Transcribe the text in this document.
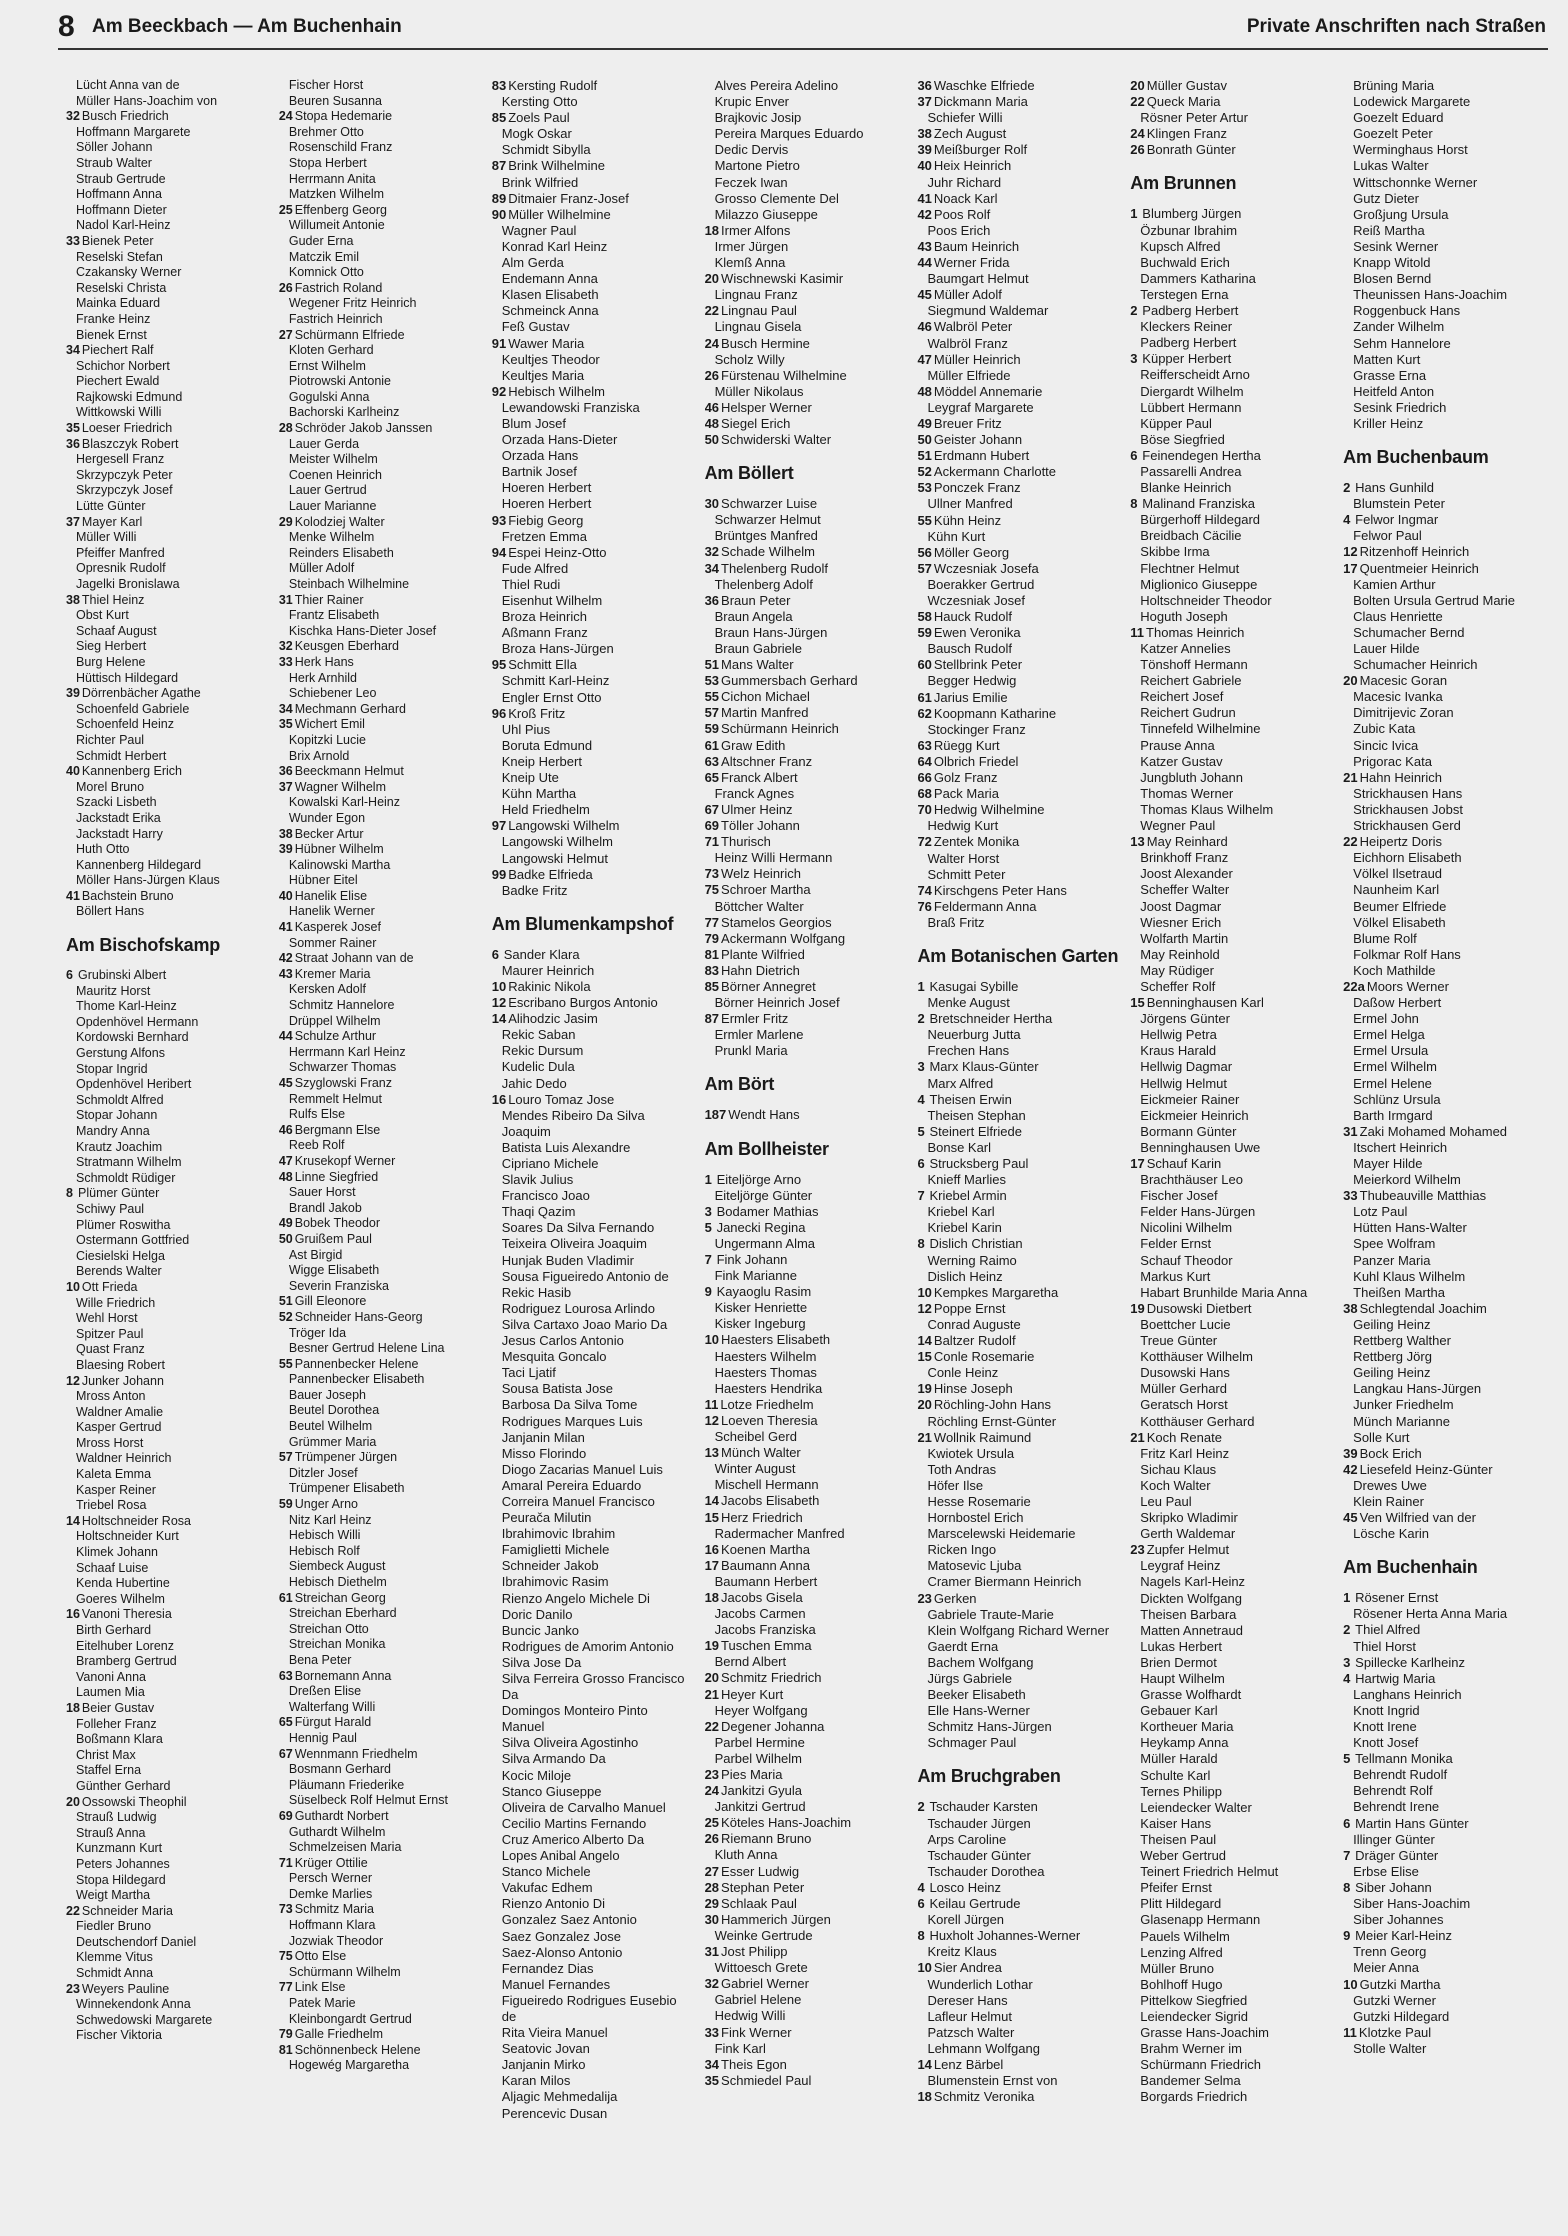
8 Am Beeckbach — Am Buchenhain	Private Anschriften nach Straßen
Lücht Anna van de
Müller Hans-Joachim von
32 Busch Friedrich
Hoffmann Margarete
Söller Johann
Straub Walter
Straub Gertrude
Hoffmann Anna
Hoffmann Dieter
Nadol Karl-Heinz
33 Bienek Peter
Reselski Stefan
Czakansky Werner
Reselski Christa
Mainka Eduard
Franke Heinz
Bienek Ernst
34 Piechert Ralf
Schichor Norbert
Piechert Ewald
Rajkowski Edmund
Wittkowski Willi
35 Loeser Friedrich
36 Blaszczyk Robert
Hergesell Franz
Skrzypczyk Peter
Skrzypczyk Josef
Lütte Günter
37 Mayer Karl
Müller Willi
Pfeiffer Manfred
Opresnik Rudolf
Jagelki Bronislawa
38 Thiel Heinz
Obst Kurt
Schaaf August
Sieg Herbert
Burg Helene
Hüttisch Hildegard
39 Dörrenbächer Agathe
Schoenfeld Gabriele
Schoenfeld Heinz
Richter Paul
Schmidt Herbert
40 Kannenberg Erich
Morel Bruno
Szacki Lisbeth
Jackstadt Erika
Jackstadt Harry
Huth Otto
Kannenberg Hildegard
Möller Hans-Jürgen Klaus
41 Bachstein Bruno
Böllert Hans
Am Bischofskamp
6 Grubinski Albert
Mauritz Horst
Thome Karl-Heinz
Opdenhövel Hermann
Kordowski Bernhard
Gerstung Alfons
Stopar Ingrid
Opdenhövel Heribert
Schmoldt Alfred
Stopar Johann
Mandry Anna
Krautz Joachim
Stratmann Wilhelm
Schmoldt Rüdiger
8 Plümer Günter
Schiwy Paul
Plümer Roswitha
Ostermann Gottfried
Ciesielski Helga
Berends Walter
10 Ott Frieda
Wille Friedrich
Wehl Horst
Spitzer Paul
Quast Franz
Blaesing Robert
12 Junker Johann
Mross Anton
Waldner Amalie
Kasper Gertrud
Mross Horst
Waldner Heinrich
Kaleta Emma
Kasper Reiner
Triebel Rosa
14 Holtschneider Rosa
Holtschneider Kurt
Klimek Johann
Schaaf Luise
Kenda Hubertine
Goeres Wilhelm
16 Vanoni Theresia
Birth Gerhard
Eitelhuber Lorenz
Bramberg Gertrud
Vanoni Anna
Laumen Mia
18 Beier Gustav
Folleher Franz
Boßmann Klara
Christ Max
Staffel Erna
Günther Gerhard
20 Ossowski Theophil
Strauß Ludwig
Strauß Anna
Kunzmann Kurt
Peters Johannes
Stopa Hildegard
Weigt Martha
22 Schneider Maria
Fiedler Bruno
Deutschendorf Daniel
Klemme Vitus
Schmidt Anna
23 Weyers Pauline
Winnekendonk Anna
Schwedowski Margarete
Fischer Viktoria
Fischer Horst
Beuren Susanna
24 Stopa Hedemarie
Brehmer Otto
Rosenschild Franz
Stopa Herbert
Herrmann Anita
Matzken Wilhelm
25 Effenberg Georg
Willumeit Antonie
Guder Erna
Matczik Emil
Komnick Otto
26 Fastrich Roland
Wegener Fritz Heinrich
Fastrich Heinrich
27 Schürmann Elfriede
Kloten Gerhard
Ernst Wilhelm
Piotrowski Antonie
Gogulski Anna
Bachorski Karlheinz
28 Schröder Jakob Janssen
Lauer Gerda
Meister Wilhelm
Coenen Heinrich
Lauer Gertrud
Lauer Marianne
29 Kolodziej Walter
Menke Wilhelm
Reinders Elisabeth
Müller Adolf
Steinbach Wilhelmine
31 Thier Rainer
Frantz Elisabeth
Kischka Hans-Dieter Josef
32 Keusgen Eberhard
33 Herk Hans
Herk Arnhild
Schiebener Leo
34 Mechmann Gerhard
35 Wichert Emil
Kopitzki Lucie
Brix Arnold
36 Beeckmann Helmut
37 Wagner Wilhelm
Kowalski Karl-Heinz
Wunder Egon
38 Becker Artur
39 Hübner Wilhelm
Kalinowski Martha
Hübner Eitel
40 Hanelik Elise
Hanelik Werner
41 Kasperek Josef
Sommer Rainer
42 Straat Johann van de
43 Kremer Maria
Kersken Adolf
Schmitz Hannelore
Drüppel Wilhelm
44 Schulze Arthur
Herrmann Karl Heinz
Schwarzer Thomas
45 Szyglowski Franz
Remmelt Helmut
Rulfs Else
46 Bergmann Else
Reeb Rolf
47 Krusekopf Werner
48 Linne Siegfried
Sauer Horst
Brandl Jakob
49 Bobek Theodor
50 Gruißem Paul
Ast Birgid
Wigge Elisabeth
Severin Franziska
51 Gill Eleonore
52 Schneider Hans-Georg
Tröger Ida
Besner Gertrud Helene Lina
55 Pannenbecker Helene
Pannenbecker Elisabeth
Bauer Joseph
Beutel Dorothea
Beutel Wilhelm
Grümmer Maria
57 Trümpener Jürgen
Ditzler Josef
Trümpener Elisabeth
59 Unger Arno
Nitz Karl Heinz
Hebisch Willi
Hebisch Rolf
Siembeck August
Hebisch Diethelm
61 Streichan Georg
Streichan Eberhard
Streichan Otto
Streichan Monika
Bena Peter
63 Bornemann Anna
Dreßen Elise
Walterfang Willi
65 Fürgut Harald
Hennig Paul
67 Wennmann Friedhelm
Bosmann Gerhard
Pläumann Friederike
Süselbeck Rolf Helmut Ernst
69 Guthardt Norbert
Guthardt Wilhelm
Schmelzeisen Maria
71 Krüger Ottilie
Persch Werner
Demke Marlies
73 Schmitz Maria
Hoffmann Klara
Jozwiak Theodor
75 Otto Else
Schürmann Wilhelm
77 Link Else
Patek Marie
Kleinbongardt Gertrud
79 Galle Friedhelm
81 Schönnenbeck Helene
Hogewég Margaretha
83 Kersting Rudolf
Kersting Otto
85 Zoels Paul
Mogk Oskar
Schmidt Sibylla
87 Brink Wilhelmine
Brink Wilfried
89 Ditmaier Franz-Josef
90 Müller Wilhelmine
Wagner Paul
Konrad Karl Heinz
Alm Gerda
Endemann Anna
Klasen Elisabeth
Schmeinck Anna
Feß Gustav
91 Wawer Maria
Keultjes Theodor
Keultjes Maria
92 Hebisch Wilhelm
Lewandowski Franziska
Blum Josef
Orzada Hans-Dieter
Orzada Hans
Bartnik Josef
Hoeren Herbert
Hoeren Herbert
93 Fiebig Georg
Fretzen Emma
94 Espei Heinz-Otto
Fude Alfred
Thiel Rudi
Eisenhut Wilhelm
Broza Heinrich
Aßmann Franz
Broza Hans-Jürgen
95 Schmitt Ella
Schmitt Karl-Heinz
Engler Ernst Otto
96 Kroß Fritz
Uhl Pius
Boruta Edmund
Kneip Herbert
Kneip Ute
Kühn Martha
Held Friedhelm
97 Langowski Wilhelm
Langowski Wilhelm
Langowski Helmut
99 Badke Elfrieda
Badke Fritz
Am Blumenkampshof
6 Sander Klara
Maurer Heinrich
10 Rakinic Nikola
12 Escribano Burgos Antonio
14 Alihodzic Jasim
Rekic Saban
Rekic Dursum
Kudelic Dula
Jahic Dedo
16 Louro Tomaz Jose
Mendes Ribeiro Da Silva
Joaquim
Batista Luis Alexandre
Cipriano Michele
Slavik Julius
Francisco Joao
Thaqi Qazim
Soares Da Silva Fernando
Teixeira Oliveira Joaquim
Hunjak Buden Vladimir
Sousa Figueiredo Antonio de
Rekic Hasib
Rodriguez Lourosa Arlindo
Silva Cartaxo Joao Mario Da
Jesus Carlos Antonio
Mesquita Goncalo
Taci Ljatif
Sousa Batista Jose
Barbosa Da Silva Tome
Rodrigues Marques Luis
Janjanin Milan
Misso Florindo
Diogo Zacarias Manuel Luis
Amaral Pereira Eduardo
Correira Manuel Francisco
Peurača Milutin
Ibrahimovic Ibrahim
Famiglietti Michele
Schneider Jakob
Ibrahimovic Rasim
Rienzo Angelo Michele Di
Doric Danilo
Buncic Janko
Rodrigues de Amorim Antonio
Silva Jose Da
Silva Ferreira Grosso Francisco
Da
Domingos Monteiro Pinto
Manuel
Silva Oliveira Agostinho
Silva Armando Da
Kocic Miloje
Stanco Giuseppe
Oliveira de Carvalho Manuel
Cecilio Martins Fernando
Cruz Americo Alberto Da
Lopes Anibal Angelo
Stanco Michele
Vakufac Edhem
Rienzo Antonio Di
Gonzalez Saez Antonio
Saez Gonzalez Jose
Saez-Alonso Antonio
Fernandez Dias
Manuel Fernandes
Figueiredo Rodrigues Eusebio
de
Rita Vieira Manuel
Seatovic Jovan
Janjanin Mirko
Karan Milos
Aljagic Mehmedalija
Perencevic Dusan
Alves Pereira Adelino
Krupic Enver
Brajkovic Josip
Pereira Marques Eduardo
Dedic Dervis
Martone Pietro
Feczek Iwan
Grosso Clemente Del
Milazzo Giuseppe
18 Irmer Alfons
Irmer Jürgen
Klemß Anna
20 Wischnewski Kasimir
Lingnau Franz
22 Lingnau Paul
Lingnau Gisela
24 Busch Hermine
Scholz Willy
26 Fürstenau Wilhelmine
Müller Nikolaus
46 Helsper Werner
48 Siegel Erich
50 Schwiderski Walter
Am Böllert
30 Schwarzer Luise
Schwarzer Helmut
Brüntges Manfred
32 Schade Wilhelm
34 Thelenberg Rudolf
Thelenberg Adolf
36 Braun Peter
Braun Angela
Braun Hans-Jürgen
Braun Gabriele
51 Mans Walter
53 Gummersbach Gerhard
55 Cichon Michael
57 Martin Manfred
59 Schürmann Heinrich
61 Graw Edith
63 Altschner Franz
65 Franck Albert
Franck Agnes
67 Ulmer Heinz
69 Töller Johann
71 Thurisch
Heinz Willi Hermann
73 Welz Heinrich
75 Schroer Martha
Böttcher Walter
77 Stamelos Georgios
79 Ackermann Wolfgang
81 Plante Wilfried
83 Hahn Dietrich
85 Börner Annegret
Börner Heinrich Josef
87 Ermler Fritz
Ermler Marlene
Prunkl Maria
Am Bört
187 Wendt Hans
Am Bollheister
1 Eiteljörge Arno
Eiteljörge Günter
3 Bodamer Mathias
5 Janecki Regina
Ungermann Alma
7 Fink Johann
Fink Marianne
9 Kayaoglu Rasim
Kisker Henriette
Kisker Ingeburg
10 Haesters Elisabeth
Haesters Wilhelm
Haesters Thomas
Haesters Hendrika
11 Lotze Friedhelm
12 Loeven Theresia
Scheibel Gerd
13 Münch Walter
Winter August
Mischell Hermann
14 Jacobs Elisabeth
15 Herz Friedrich
Radermacher Manfred
16 Koenen Martha
17 Baumann Anna
Baumann Herbert
18 Jacobs Gisela
Jacobs Carmen
Jacobs Franziska
19 Tuschen Emma
Bernd Albert
20 Schmitz Friedrich
21 Heyer Kurt
Heyer Wolfgang
22 Degener Johanna
Parbel Hermine
Parbel Wilhelm
23 Pies Maria
24 Jankitzi Gyula
Jankitzi Gertrud
25 Köteles Hans-Joachim
26 Riemann Bruno
Kluth Anna
27 Esser Ludwig
28 Stephan Peter
29 Schlaak Paul
30 Hammerich Jürgen
Weinke Gertrude
31 Jost Philipp
Wittoesch Grete
32 Gabriel Werner
Gabriel Helene
Hedwig Willi
33 Fink Werner
Fink Karl
34 Theis Egon
35 Schmiedel Paul
36 Waschke Elfriede
37 Dickmann Maria
Schiefer Willi
38 Zech August
39 Meißburger Rolf
40 Heix Heinrich
Juhr Richard
41 Noack Karl
42 Poos Rolf
Poos Erich
43 Baum Heinrich
44 Werner Frida
Baumgart Helmut
45 Müller Adolf
Siegmund Waldemar
46 Walbröl Peter
Walbröl Franz
47 Müller Heinrich
Müller Elfriede
48 Möddel Annemarie
Leygraf Margarete
49 Breuer Fritz
50 Geister Johann
51 Erdmann Hubert
52 Ackermann Charlotte
53 Ponczek Franz
Ullner Manfred
55 Kühn Heinz
Kühn Kurt
56 Möller Georg
57 Wczesniak Josefa
Boerakker Gertrud
Wczesniak Josef
58 Hauck Rudolf
59 Ewen Veronika
Bausch Rudolf
60 Stellbrink Peter
Begger Hedwig
61 Jarius Emilie
62 Koopmann Katharine
Stockinger Franz
63 Rüegg Kurt
64 Olbrich Friedel
66 Golz Franz
68 Pack Maria
70 Hedwig Wilhelmine
Hedwig Kurt
72 Zentek Monika
Walter Horst
Schmitt Peter
74 Kirschgens Peter Hans
76 Feldermann Anna
Braß Fritz
Am Botanischen Garten
1 Kasugai Sybille
Menke August
2 Bretschneider Hertha
Neuerburg Jutta
Frechen Hans
3 Marx Klaus-Günter
Marx Alfred
4 Theisen Erwin
Theisen Stephan
5 Steinert Elfriede
Bonse Karl
6 Strucksberg Paul
Knieff Marlies
7 Kriebel Armin
Kriebel Karl
Kriebel Karin
8 Dislich Christian
Werning Raimo
Dislich Heinz
10 Kempkes Margaretha
12 Poppe Ernst
Conrad Auguste
14 Baltzer Rudolf
15 Conle Rosemarie
Conle Heinz
19 Hinse Joseph
20 Röchling-John Hans
Röchling Ernst-Günter
21 Wollnik Raimund
Kwiotek Ursula
Toth Andras
Höfer Ilse
Hesse Rosemarie
Hornbostel Erich
Marscelewski Heidemarie
Ricken Ingo
Matosevic Ljuba
Cramer Biermann Heinrich
23 Gerken
Gabriele Traute-Marie
Klein Wolfgang Richard Werner
Gaerdt Erna
Bachem Wolfgang
Jürgs Gabriele
Beeker Elisabeth
Elle Hans-Werner
Schmitz Hans-Jürgen
Schmager Paul
Am Bruchgraben
2 Tschauder Karsten
Tschauder Jürgen
Arps Caroline
Tschauder Günter
Tschauder Dorothea
4 Losco Heinz
6 Keilau Gertrude
Korell Jürgen
8 Huxholt Johannes-Werner
Kreitz Klaus
10 Sier Andrea
Wunderlich Lothar
Dereser Hans
Lafleur Helmut
Patzsch Walter
Lehmann Wolfgang
14 Lenz Bärbel
Blumenstein Ernst von
18 Schmitz Veronika
20 Müller Gustav
22 Queck Maria
Rösner Peter Artur
24 Klingen Franz
26 Bonrath Günter
Am Brunnen
1 Blumberg Jürgen
Özbunar Ibrahim
Kupsch Alfred
Buchwald Erich
Dammers Katharina
Terstegen Erna
2 Padberg Herbert
Kleckers Reiner
Padberg Herbert
3 Küpper Herbert
Reifferscheidt Arno
Diergardt Wilhelm
Lübbert Hermann
Küpper Paul
Böse Siegfried
6 Feinendegen Hertha
Passarelli Andrea
Blanke Heinrich
8 Malinand Franziska
Bürgerhoff Hildegard
Breidbach Cäcilie
Skibbe Irma
Flechtner Helmut
Miglionico Giuseppe
Holtschneider Theodor
Hoguth Joseph
11 Thomas Heinrich
Katzer Annelies
Tönshoff Hermann
Reichert Gabriele
Reichert Josef
Reichert Gudrun
Tinnefeld Wilhelmine
Prause Anna
Katzer Gustav
Jungbluth Johann
Thomas Werner
Thomas Klaus Wilhelm
Wegner Paul
13 May Reinhard
Brinkhoff Franz
Joost Alexander
Scheffer Walter
Joost Dagmar
Wiesner Erich
Wolfarth Martin
May Reinhold
May Rüdiger
Scheffer Rolf
15 Benninghausen Karl
Jörgens Günter
Hellwig Petra
Kraus Harald
Hellwig Dagmar
Hellwig Helmut
Eickmeier Rainer
Eickmeier Heinrich
Bormann Günter
Benninghausen Uwe
17 Schauf Karin
Brachthäuser Leo
Fischer Josef
Felder Hans-Jürgen
Nicolini Wilhelm
Felder Ernst
Schauf Theodor
Markus Kurt
Habart Brunhilde Maria Anna
19 Dusowski Dietbert
Boettcher Lucie
Treue Günter
Kotthäuser Wilhelm
Dusowski Hans
Müller Gerhard
Geratsch Horst
Kotthäuser Gerhard
21 Koch Renate
Fritz Karl Heinz
Sichau Klaus
Koch Walter
Leu Paul
Skripko Wladimir
Gerth Waldemar
23 Zupfer Helmut
Leygraf Heinz
Nagels Karl-Heinz
Dickten Wolfgang
Theisen Barbara
Matten Annetraud
Lukas Herbert
Brien Dermot
Haupt Wilhelm
Grasse Wolfhardt
Gebauer Karl
Kortheuer Maria
Heykamp Anna
Müller Harald
Schulte Karl
Ternes Philipp
Leiendecker Walter
Kaiser Hans
Theisen Paul
Weber Gertrud
Teinert Friedrich Helmut
Pfeifer Ernst
Plitt Hildegard
Glasenapp Hermann
Pauels Wilhelm
Lenzing Alfred
Müller Bruno
Bohlhoff Hugo
Pittelkow Siegfried
Leiendecker Sigrid
Grasse Hans-Joachim
Brahm Werner im
Schürmann Friedrich
Bandemer Selma
Borgards Friedrich
Brüning Maria
Lodewick Margarete
Goezelt Eduard
Goezelt Peter
Werminghaus Horst
Lukas Walter
Wittschonnke Werner
Gutz Dieter
Großjung Ursula
Reiß Martha
Sesink Werner
Knapp Witold
Blosen Bernd
Theunissen Hans-Joachim
Roggenbuck Hans
Zander Wilhelm
Sehm Hannelore
Matten Kurt
Grasse Erna
Heitfeld Anton
Sesink Friedrich
Kriller Heinz
Am Buchenbaum
2 Hans Gunhild
Blumstein Peter
4 Felwor Ingmar
Felwor Paul
12 Ritzenhoff Heinrich
17 Quentmeier Heinrich
Kamien Arthur
Bolten Ursula Gertrud Marie
Claus Henriette
Schumacher Bernd
Lauer Hilde
Schumacher Heinrich
20 Macesic Goran
Macesic Ivanka
Dimitrijevic Zoran
Zubic Kata
Sincic Ivica
Prigorac Kata
21 Hahn Heinrich
Strickhausen Hans
Strickhausen Jobst
Strickhausen Gerd
22 Heipertz Doris
Eichhorn Elisabeth
Völkel Ilsetraud
Naunheim Karl
Beumer Elfriede
Völkel Elisabeth
Blume Rolf
Folkmar Rolf Hans
Koch Mathilde
22a Moors Werner
Daßow Herbert
Ermel John
Ermel Helga
Ermel Ursula
Ermel Wilhelm
Ermel Helene
Schlünz Ursula
Barth Irmgard
31 Zaki Mohamed Mohamed
Itschert Heinrich
Mayer Hilde
Meierkord Wilhelm
33 Thubeauville Matthias
Lotz Paul
Hütten Hans-Walter
Spee Wolfram
Panzer Maria
Kuhl Klaus Wilhelm
Theißen Martha
38 Schlegtendal Joachim
Geiling Heinz
Rettberg Walther
Rettberg Jörg
Geiling Heinz
Langkau Hans-Jürgen
Junker Friedhelm
Münch Marianne
Solle Kurt
39 Bock Erich
42 Liesefeld Heinz-Günter
Drewes Uwe
Klein Rainer
45 Ven Wilfried van der
Lösche Karin
Am Buchenhain
1 Rösener Ernst
Rösener Herta Anna Maria
2 Thiel Alfred
Thiel Horst
3 Spillecke Karlheinz
4 Hartwig Maria
Langhans Heinrich
Knott Ingrid
Knott Irene
Knott Josef
5 Tellmann Monika
Behrendt Rudolf
Behrendt Rolf
Behrendt Irene
6 Martin Hans Günter
Illinger Günter
7 Dräger Günter
Erbse Elise
8 Siber Johann
Siber Hans-Joachim
Siber Johannes
9 Meier Karl-Heinz
Trenn Georg
Meier Anna
10 Gutzki Martha
Gutzki Werner
Gutzki Hildegard
11 Klotzke Paul
Stolle Walter
